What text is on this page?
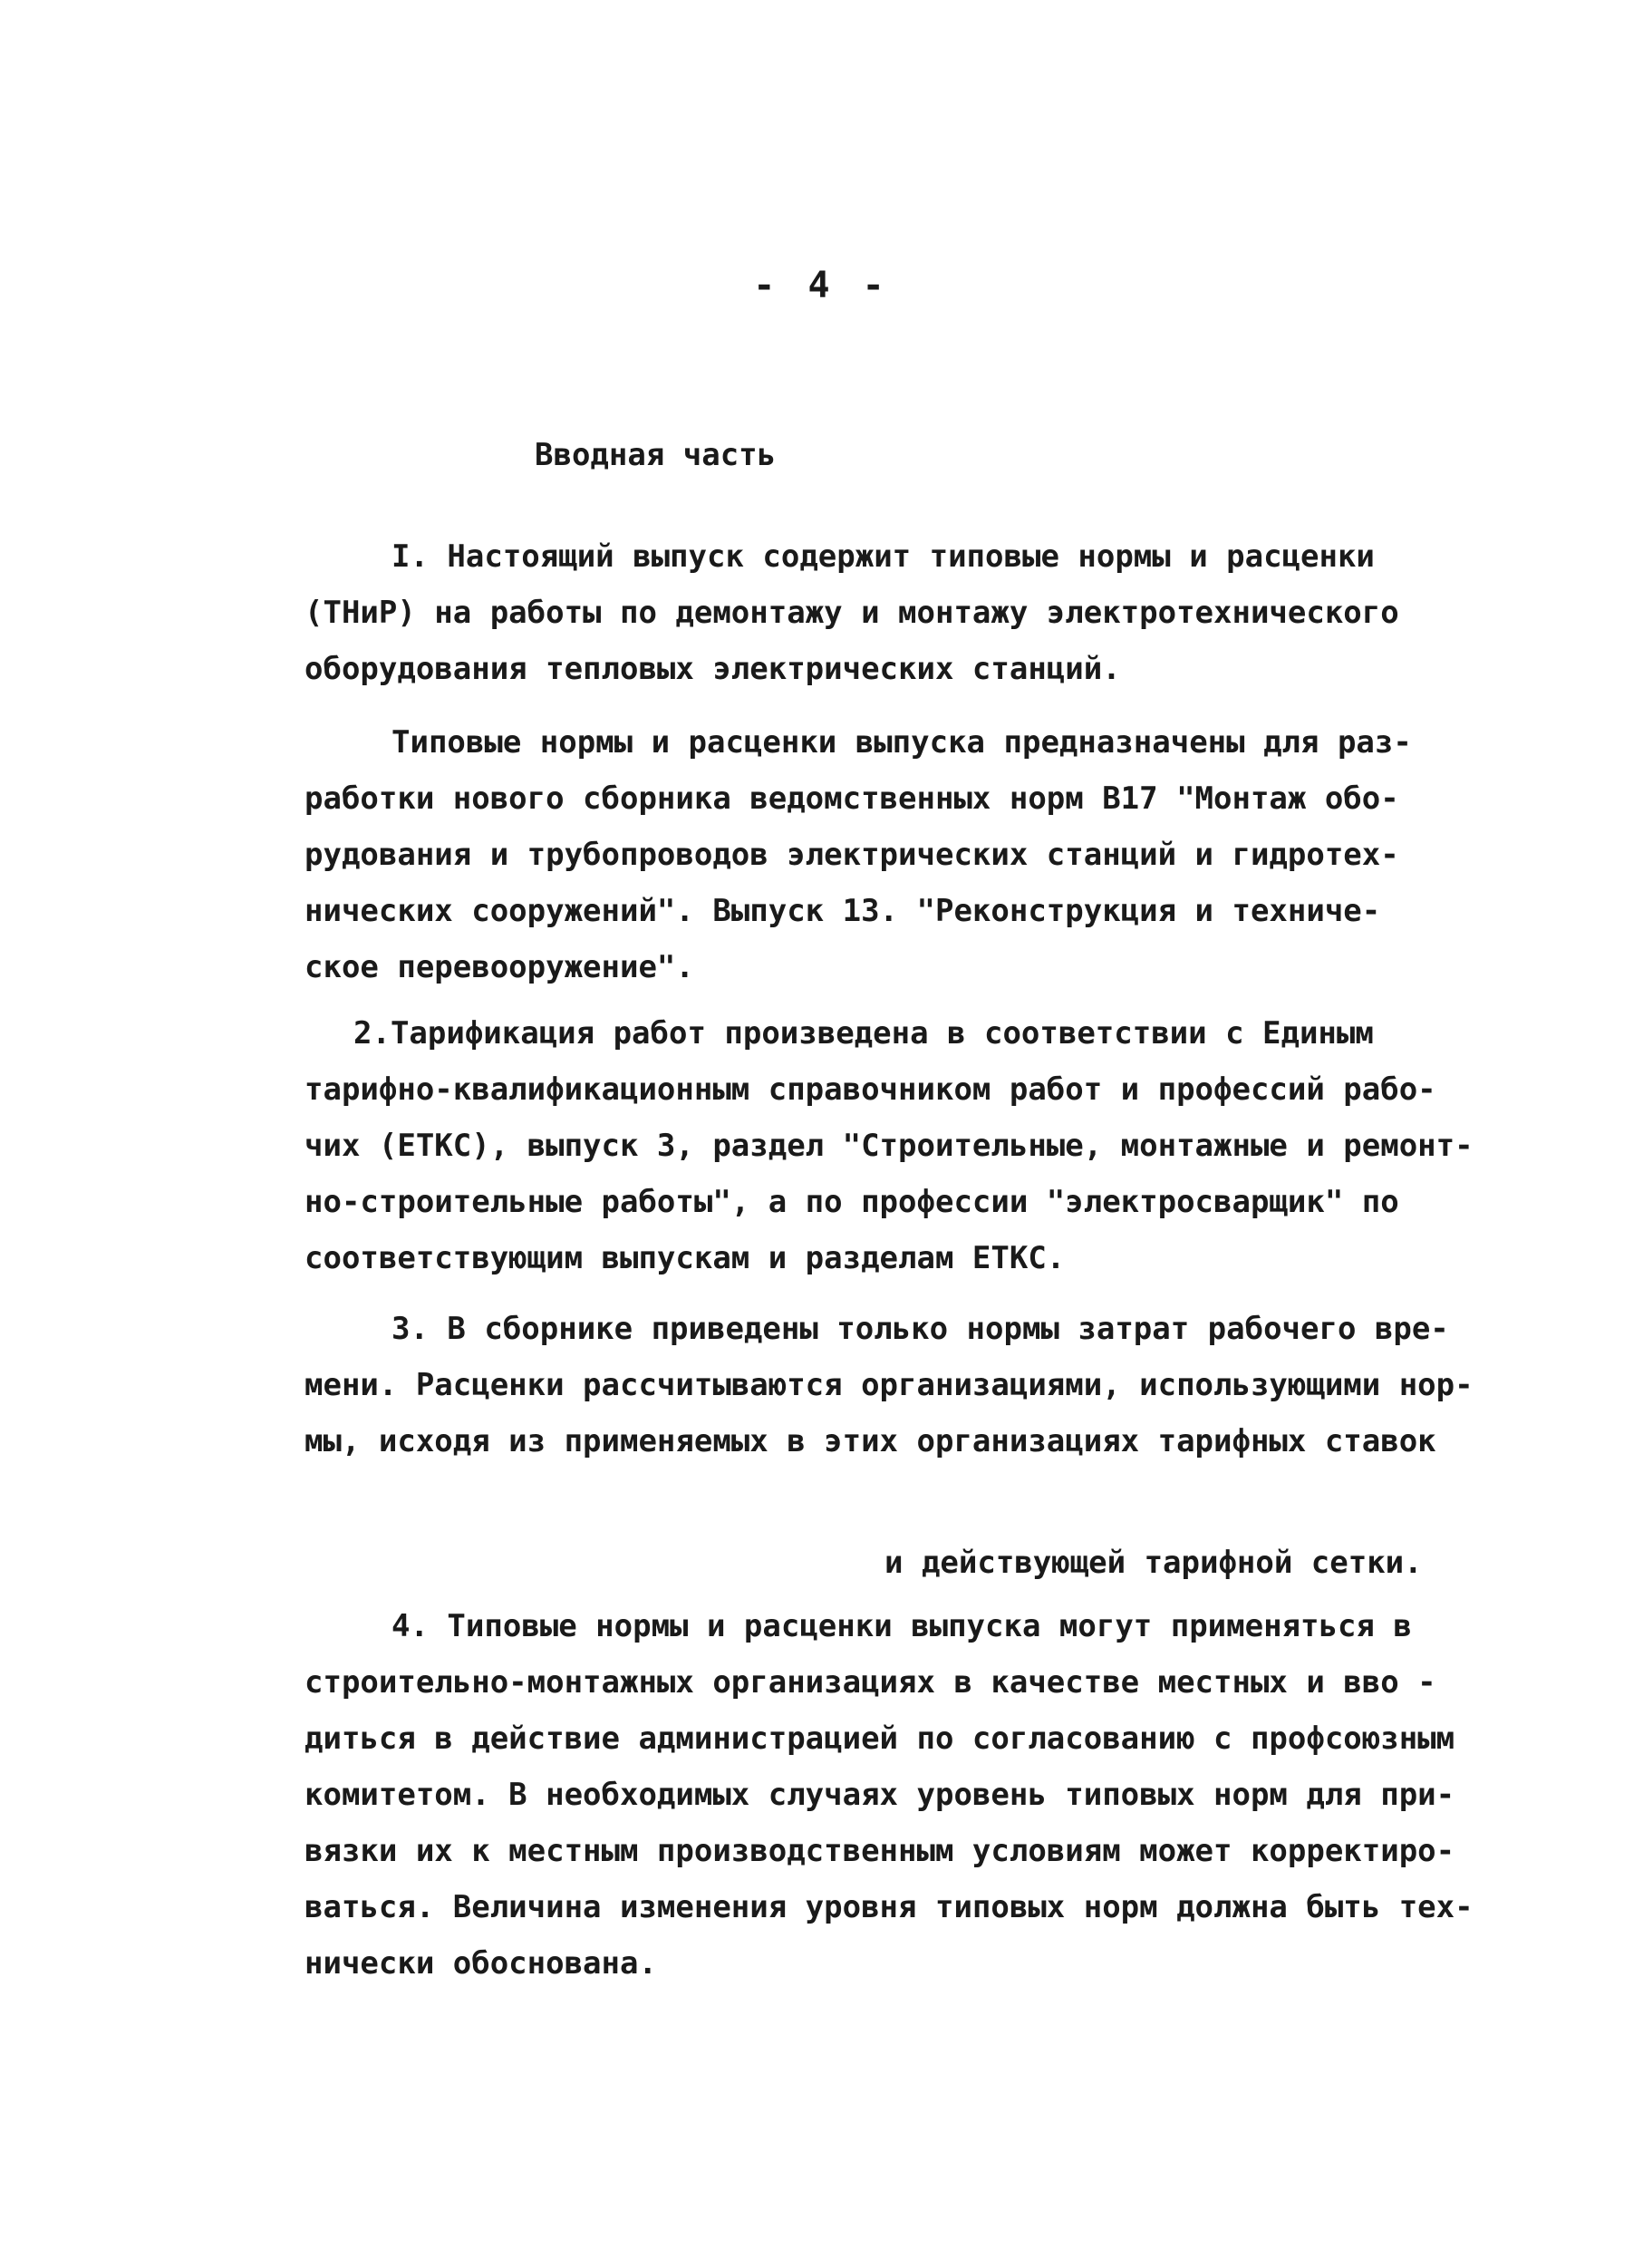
- 4 -
Вводная часть
I. Настоящий выпуск содержит типовые нормы и расценки
(ТНиР) на работы по демонтажу и монтажу электротехнического
оборудования тепловых электрических станций.
Типовые нормы и расценки выпуска предназначены для раз-
работки нового сборника ведомственных норм В17 "Монтаж обо-
рудования и трубопроводов электрических станций и гидротех-
нических сооружений". Выпуск 13. "Реконструкция и техниче-
ское перевооружение".
2.Тарификация работ произведена в соответствии с Единым
тарифно-квалификационным справочником работ и профессий рабо-
чих (ЕТКС), выпуск 3, раздел "Строительные, монтажные и ремонт-
но-строительные работы", а по профессии "электросварщик" по
соответствующим выпускам и разделам ЕТКС.
3. В сборнике приведены только нормы затрат рабочего вре-
мени. Расценки рассчитываются организациями, использующими нор-
мы, исходя из применяемых в этих организациях тарифных ставок
и действующей тарифной сетки.
4. Типовые нормы и расценки выпуска могут применяться в
строительно-монтажных организациях в качестве местных и вво -
диться в действие администрацией по согласованию с профсоюзным
комитетом. В необходимых случаях уровень типовых норм для при-
вязки их к местным производственным условиям может корректиро-
ваться. Величина изменения уровня типовых норм должна быть тех-
нически обоснована.
